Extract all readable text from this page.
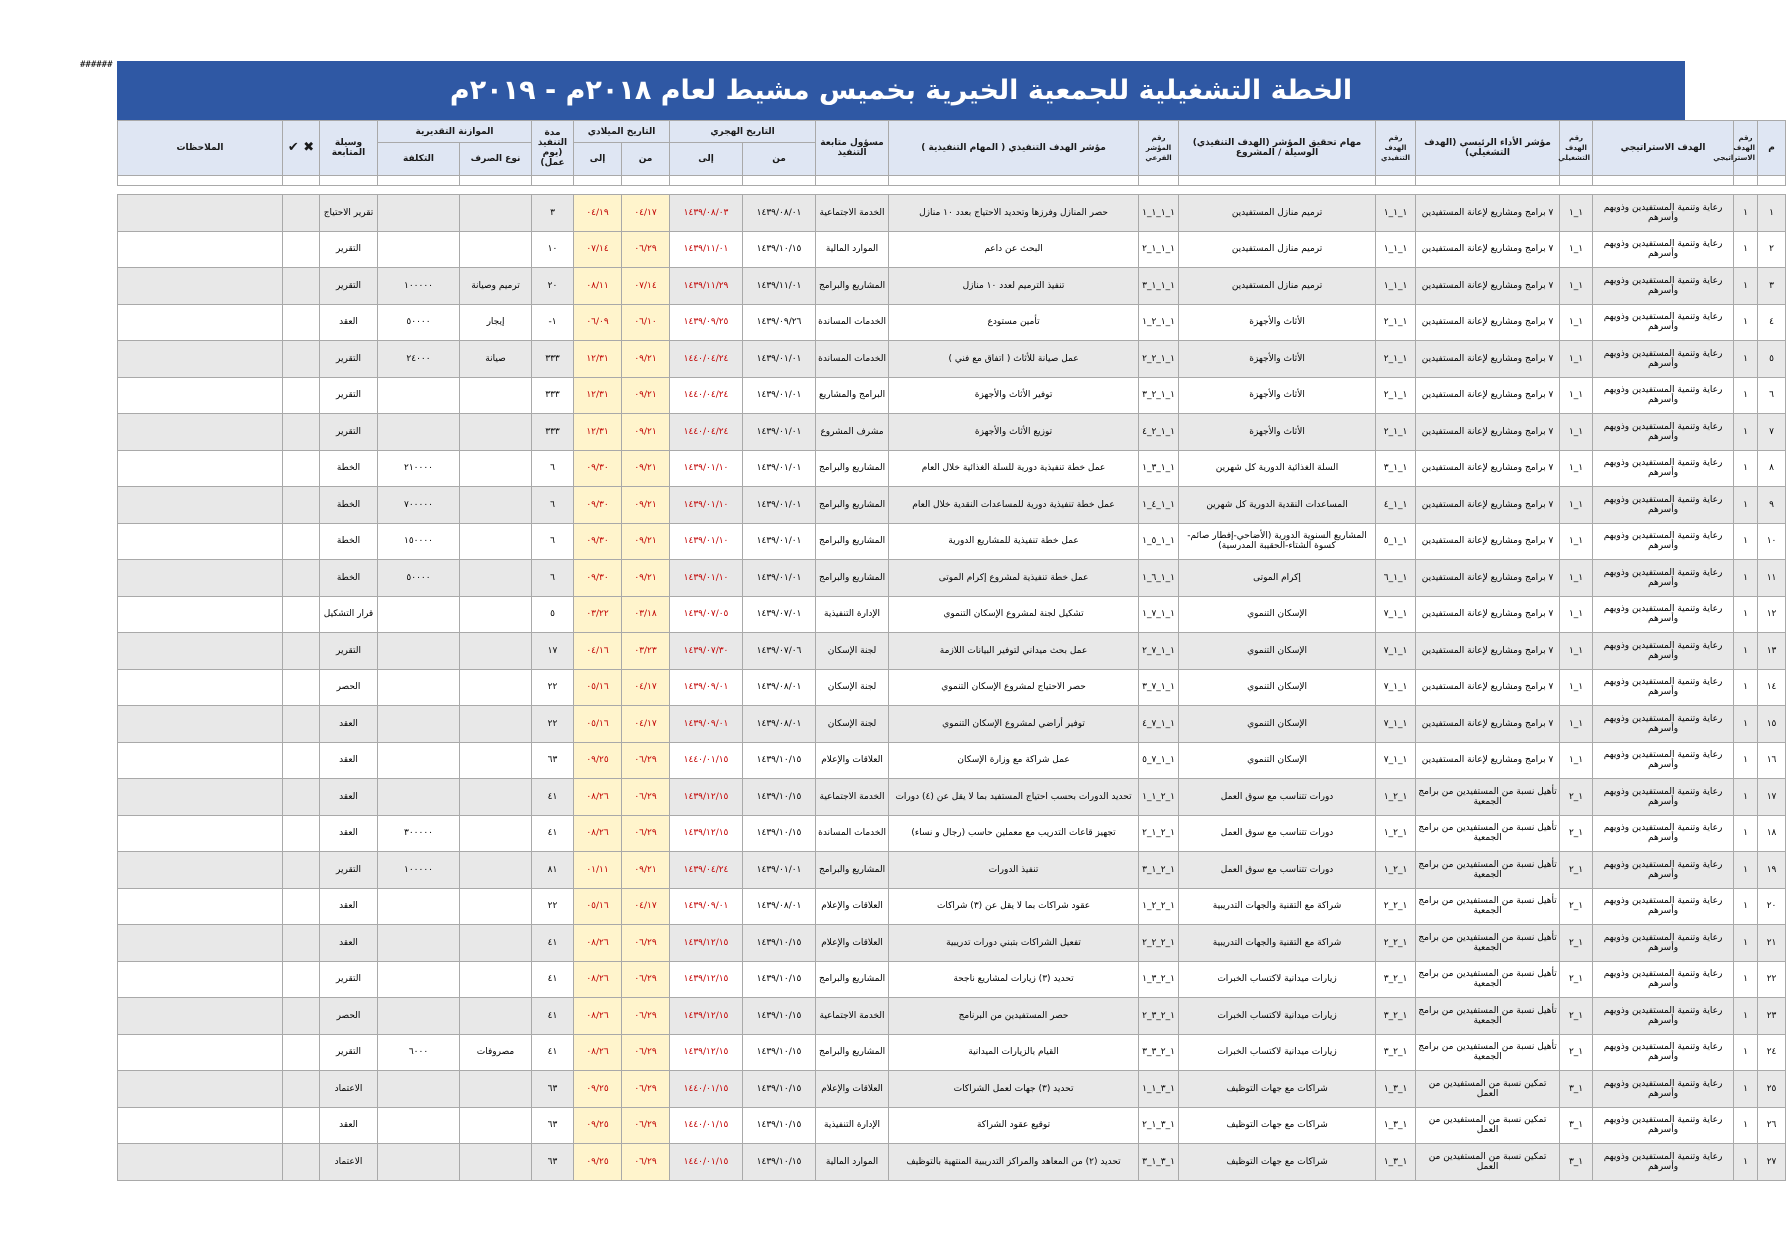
######
الخطة التشغيلية للجمعية الخيرية بخميس مشيط لعام ٢٠١٨م - ٢٠١٩م
م	رقم الهدف الاستراتيجي	الهدف الاستراتيجي	رقم الهدف التشغيلي	مؤشر الأداء الرئيسي (الهدف التشغيلي)	رقم الهدف التنفيذي	مهام تحقيق المؤشر (الهدف التنفيذي) الوسيلة / المشروع	رقم المؤشر الفرعي	مؤشر الهدف التنفيذي ( المهام التنفيذية )	مسؤول متابعة التنفيذ	التاريخ الهجري		التاريخ الميلادي		مدة التنفيذ (يوم عمل)	الموازنة التقديرية		وسيلة المتابعة	✖ ✔	الملاحظات
										من	إلى	من	إلى		نوع الصرف	التكلفة			

١	١	رعاية وتنمية المستفيدين وذويهم وأسرهم	١_١	٧ برامج ومشاريع لإعانة المستفيدين	١_١_١	ترميم منازل المستفيدين	١_١_١_١	حصر المنازل وفرزها وتحديد الاحتياج بعدد ١٠ منازل	الخدمة الاجتماعية	١٤٣٩/٠٨/٠١	١٤٣٩/٠٨/٠٣	٠٤/١٧	٠٤/١٩	٣			تقرير الاحتياج		
٢	١	رعاية وتنمية المستفيدين وذويهم وأسرهم	١_١	٧ برامج ومشاريع لإعانة المستفيدين	١_١_١	ترميم منازل المستفيدين	١_١_١_٢	البحث عن داعم	الموارد المالية	١٤٣٩/١٠/١٥	١٤٣٩/١١/٠١	٠٦/٢٩	٠٧/١٤	١٠			التقرير		
٣	١	رعاية وتنمية المستفيدين وذويهم وأسرهم	١_١	٧ برامج ومشاريع لإعانة المستفيدين	١_١_١	ترميم منازل المستفيدين	١_١_١_٣	تنفيذ الترميم لعدد ١٠ منازل	المشاريع والبرامج	١٤٣٩/١١/٠١	١٤٣٩/١١/٢٩	٠٧/١٤	٠٨/١١	٢٠	ترميم وصيانة	١٠٠٠٠٠	التقرير		
٤	١	رعاية وتنمية المستفيدين وذويهم وأسرهم	١_١	٧ برامج ومشاريع لإعانة المستفيدين	١_١_٢	الأثاث والأجهزة	١_١_٢_١	تأمين مستودع	الخدمات المساندة	١٤٣٩/٠٩/٢٦	١٤٣٩/٠٩/٢٥	٠٦/١٠	٠٦/٠٩	١-	إيجار	٥٠٠٠٠	العقد		
٥	١	رعاية وتنمية المستفيدين وذويهم وأسرهم	١_١	٧ برامج ومشاريع لإعانة المستفيدين	١_١_٢	الأثاث والأجهزة	١_١_٢_٢	عمل صيانة للأثاث ( اتفاق مع فني )	الخدمات المساندة	١٤٣٩/٠١/٠١	١٤٤٠/٠٤/٢٤	٠٩/٢١	١٢/٣١	٣٣٣	صيانة	٢٤٠٠٠	التقرير		
٦	١	رعاية وتنمية المستفيدين وذويهم وأسرهم	١_١	٧ برامج ومشاريع لإعانة المستفيدين	١_١_٢	الأثاث والأجهزة	١_١_٢_٣	توفير الأثاث والأجهزة	البرامج والمشاريع	١٤٣٩/٠١/٠١	١٤٤٠/٠٤/٢٤	٠٩/٢١	١٢/٣١	٣٣٣			التقرير		
٧	١	رعاية وتنمية المستفيدين وذويهم وأسرهم	١_١	٧ برامج ومشاريع لإعانة المستفيدين	١_١_٢	الأثاث والأجهزة	١_١_٢_٤	توزيع الأثاث والأجهزة	مشرف المشروع	١٤٣٩/٠١/٠١	١٤٤٠/٠٤/٢٤	٠٩/٢١	١٢/٣١	٣٣٣			التقرير		
٨	١	رعاية وتنمية المستفيدين وذويهم وأسرهم	١_١	٧ برامج ومشاريع لإعانة المستفيدين	١_١_٣	السلة الغذائية الدورية كل شهرين	١_١_٣_١	عمل خطة تنفيذية دورية للسلة الغذائية خلال العام	المشاريع والبرامج	١٤٣٩/٠١/٠١	١٤٣٩/٠١/١٠	٠٩/٢١	٠٩/٣٠	٦		٢١٠٠٠٠	الخطة		
٩	١	رعاية وتنمية المستفيدين وذويهم وأسرهم	١_١	٧ برامج ومشاريع لإعانة المستفيدين	١_١_٤	المساعدات النقدية الدورية كل شهرين	١_١_٤_١	عمل خطة تنفيذية دورية للمساعدات النقدية خلال العام	المشاريع والبرامج	١٤٣٩/٠١/٠١	١٤٣٩/٠١/١٠	٠٩/٢١	٠٩/٣٠	٦		٧٠٠٠٠٠	الخطة		
١٠	١	رعاية وتنمية المستفيدين وذويهم وأسرهم	١_١	٧ برامج ومشاريع لإعانة المستفيدين	١_١_٥	المشاريع السنوية الدورية (الأضاحي-إفطار صائم-كسوة الشتاء-الحقيبة المدرسية)	١_١_٥_١	عمل خطة تنفيذية للمشاريع الدورية	المشاريع والبرامج	١٤٣٩/٠١/٠١	١٤٣٩/٠١/١٠	٠٩/٢١	٠٩/٣٠	٦		١٥٠٠٠٠	الخطة		
١١	١	رعاية وتنمية المستفيدين وذويهم وأسرهم	١_١	٧ برامج ومشاريع لإعانة المستفيدين	١_١_٦	إكرام الموتى	١_١_٦_١	عمل خطة تنفيذية لمشروع إكرام الموتى	المشاريع والبرامج	١٤٣٩/٠١/٠١	١٤٣٩/٠١/١٠	٠٩/٢١	٠٩/٣٠	٦		٥٠٠٠٠	الخطة		
١٢	١	رعاية وتنمية المستفيدين وذويهم وأسرهم	١_١	٧ برامج ومشاريع لإعانة المستفيدين	١_١_٧	الإسكان التنموي	١_١_٧_١	تشكيل لجنة لمشروع الإسكان التنموي	الإدارة التنفيذية	١٤٣٩/٠٧/٠١	١٤٣٩/٠٧/٠٥	٠٣/١٨	٠٣/٢٢	٥			قرار التشكيل		
١٣	١	رعاية وتنمية المستفيدين وذويهم وأسرهم	١_١	٧ برامج ومشاريع لإعانة المستفيدين	١_١_٧	الإسكان التنموي	١_١_٧_٢	عمل بحث ميداني لتوفير البيانات اللازمة	لجنة الإسكان	١٤٣٩/٠٧/٠٦	١٤٣٩/٠٧/٣٠	٠٣/٢٣	٠٤/١٦	١٧			التقرير		
١٤	١	رعاية وتنمية المستفيدين وذويهم وأسرهم	١_١	٧ برامج ومشاريع لإعانة المستفيدين	١_١_٧	الإسكان التنموي	١_١_٧_٣	حصر الاحتياج لمشروع الإسكان التنموي	لجنة الإسكان	١٤٣٩/٠٨/٠١	١٤٣٩/٠٩/٠١	٠٤/١٧	٠٥/١٦	٢٢			الحصر		
١٥	١	رعاية وتنمية المستفيدين وذويهم وأسرهم	١_١	٧ برامج ومشاريع لإعانة المستفيدين	١_١_٧	الإسكان التنموي	١_١_٧_٤	توفير أراضي لمشروع الإسكان التنموي	لجنة الإسكان	١٤٣٩/٠٨/٠١	١٤٣٩/٠٩/٠١	٠٤/١٧	٠٥/١٦	٢٢			العقد		
١٦	١	رعاية وتنمية المستفيدين وذويهم وأسرهم	١_١	٧ برامج ومشاريع لإعانة المستفيدين	١_١_٧	الإسكان التنموي	١_١_٧_٥	عمل شراكة مع وزارة الإسكان	العلاقات والإعلام	١٤٣٩/١٠/١٥	١٤٤٠/٠١/١٥	٠٦/٢٩	٠٩/٢٥	٦٣			العقد		
١٧	١	رعاية وتنمية المستفيدين وذويهم وأسرهم	١_٢	تأهيل نسبة من المستفيدين من برامج الجمعية	١_٢_١	دورات تتناسب مع سوق العمل	١_٢_١_١	تحديد الدورات بحسب احتياج المستفيد بما لا يقل عن (٤) دورات	الخدمة الاجتماعية	١٤٣٩/١٠/١٥	١٤٣٩/١٢/١٥	٠٦/٢٩	٠٨/٢٦	٤١			العقد		
١٨	١	رعاية وتنمية المستفيدين وذويهم وأسرهم	١_٢	تأهيل نسبة من المستفيدين من برامج الجمعية	١_٢_١	دورات تتناسب مع سوق العمل	١_٢_١_٢	تجهيز قاعات التدريب مع معملين حاسب (رجال و نساء)	الخدمات المساندة	١٤٣٩/١٠/١٥	١٤٣٩/١٢/١٥	٠٦/٢٩	٠٨/٢٦	٤١		٣٠٠٠٠٠	العقد		
١٩	١	رعاية وتنمية المستفيدين وذويهم وأسرهم	١_٢	تأهيل نسبة من المستفيدين من برامج الجمعية	١_٢_١	دورات تتناسب مع سوق العمل	١_٢_١_٣	تنفيذ الدورات	المشاريع والبرامج	١٤٣٩/٠١/٠١	١٤٣٩/٠٤/٢٤	٠٩/٢١	٠١/١١	٨١		١٠٠٠٠٠	التقرير		
٢٠	١	رعاية وتنمية المستفيدين وذويهم وأسرهم	١_٢	تأهيل نسبة من المستفيدين من برامج الجمعية	١_٢_٢	شراكة مع التقنية والجهات التدريبية	١_٢_٢_١	عقود شراكات بما لا يقل عن (٣) شراكات	العلاقات والإعلام	١٤٣٩/٠٨/٠١	١٤٣٩/٠٩/٠١	٠٤/١٧	٠٥/١٦	٢٢			العقد		
٢١	١	رعاية وتنمية المستفيدين وذويهم وأسرهم	١_٢	تأهيل نسبة من المستفيدين من برامج الجمعية	١_٢_٢	شراكة مع التقنية والجهات التدريبية	١_٢_٢_٢	تفعيل الشراكات بتبني دورات تدريبية	العلاقات والإعلام	١٤٣٩/١٠/١٥	١٤٣٩/١٢/١٥	٠٦/٢٩	٠٨/٢٦	٤١			العقد		
٢٢	١	رعاية وتنمية المستفيدين وذويهم وأسرهم	١_٢	تأهيل نسبة من المستفيدين من برامج الجمعية	١_٢_٣	زيارات ميدانية لاكتساب الخبرات	١_٢_٣_١	تحديد (٣) زيارات لمشاريع ناجحة	المشاريع والبرامج	١٤٣٩/١٠/١٥	١٤٣٩/١٢/١٥	٠٦/٢٩	٠٨/٢٦	٤١			التقرير		
٢٣	١	رعاية وتنمية المستفيدين وذويهم وأسرهم	١_٢	تأهيل نسبة من المستفيدين من برامج الجمعية	١_٢_٣	زيارات ميدانية لاكتساب الخبرات	١_٢_٣_٢	حصر المستفيدين من البرنامج	الخدمة الاجتماعية	١٤٣٩/١٠/١٥	١٤٣٩/١٢/١٥	٠٦/٢٩	٠٨/٢٦	٤١			الحصر		
٢٤	١	رعاية وتنمية المستفيدين وذويهم وأسرهم	١_٢	تأهيل نسبة من المستفيدين من برامج الجمعية	١_٢_٣	زيارات ميدانية لاكتساب الخبرات	١_٢_٣_٣	القيام بالزيارات الميدانية	المشاريع والبرامج	١٤٣٩/١٠/١٥	١٤٣٩/١٢/١٥	٠٦/٢٩	٠٨/٢٦	٤١	مصروفات	٦٠٠٠	التقرير		
٢٥	١	رعاية وتنمية المستفيدين وذويهم وأسرهم	١_٣	تمكين نسبة من المستفيدين من العمل	١_٣_١	شراكات مع جهات التوظيف	١_٣_١_١	تحديد (٣) جهات لعمل الشراكات	العلاقات والإعلام	١٤٣٩/١٠/١٥	١٤٤٠/٠١/١٥	٠٦/٢٩	٠٩/٢٥	٦٣			الاعتماد		
٢٦	١	رعاية وتنمية المستفيدين وذويهم وأسرهم	١_٣	تمكين نسبة من المستفيدين من العمل	١_٣_١	شراكات مع جهات التوظيف	١_٣_١_٢	توقيع عقود الشراكة	الإدارة التنفيذية	١٤٣٩/١٠/١٥	١٤٤٠/٠١/١٥	٠٦/٢٩	٠٩/٢٥	٦٣			العقد		
٢٧	١	رعاية وتنمية المستفيدين وذويهم وأسرهم	١_٣	تمكين نسبة من المستفيدين من العمل	١_٣_١	شراكات مع جهات التوظيف	١_٣_١_٣	تحديد (٢) من المعاهد والمراكز التدريبية المنتهية بالتوظيف	الموارد المالية	١٤٣٩/١٠/١٥	١٤٤٠/٠١/١٥	٠٦/٢٩	٠٩/٢٥	٦٣			الاعتماد		
